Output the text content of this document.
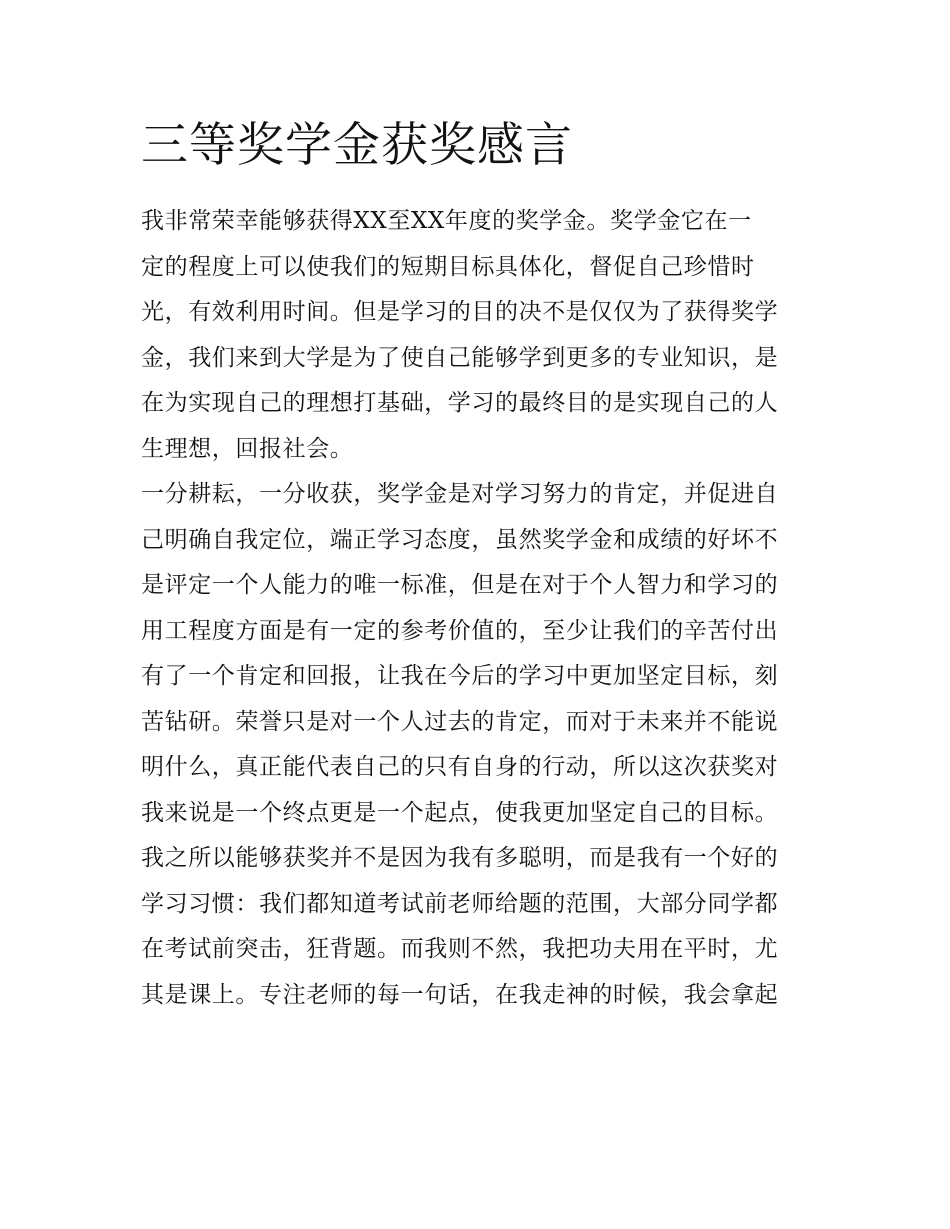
三等奖学金获奖感言
我非常荣幸能够获得XX至XX年度的奖学金。奖学金它在一
定的程度上可以使我们的短期目标具体化，督促自己珍惜时
光，有效利用时间。但是学习的目的决不是仅仅为了获得奖学
金，我们来到大学是为了使自己能够学到更多的专业知识，是
在为实现自己的理想打基础，学习的最终目的是实现自己的人
生理想，回报社会。
一分耕耘，一分收获，奖学金是对学习努力的肯定，并促进自
己明确自我定位，端正学习态度，虽然奖学金和成绩的好坏不
是评定一个人能力的唯一标准，但是在对于个人智力和学习的
用工程度方面是有一定的参考价值的，至少让我们的辛苦付出
有了一个肯定和回报，让我在今后的学习中更加坚定目标，刻
苦钻研。荣誉只是对一个人过去的肯定，而对于未来并不能说
明什么，真正能代表自己的只有自身的行动，所以这次获奖对
我来说是一个终点更是一个起点，使我更加坚定自己的目标。
我之所以能够获奖并不是因为我有多聪明，而是我有一个好的
学习习惯：我们都知道考试前老师给题的范围，大部分同学都
在考试前突击，狂背题。而我则不然，我把功夫用在平时，尤
其是课上。专注老师的每一句话，在我走神的时候，我会拿起
